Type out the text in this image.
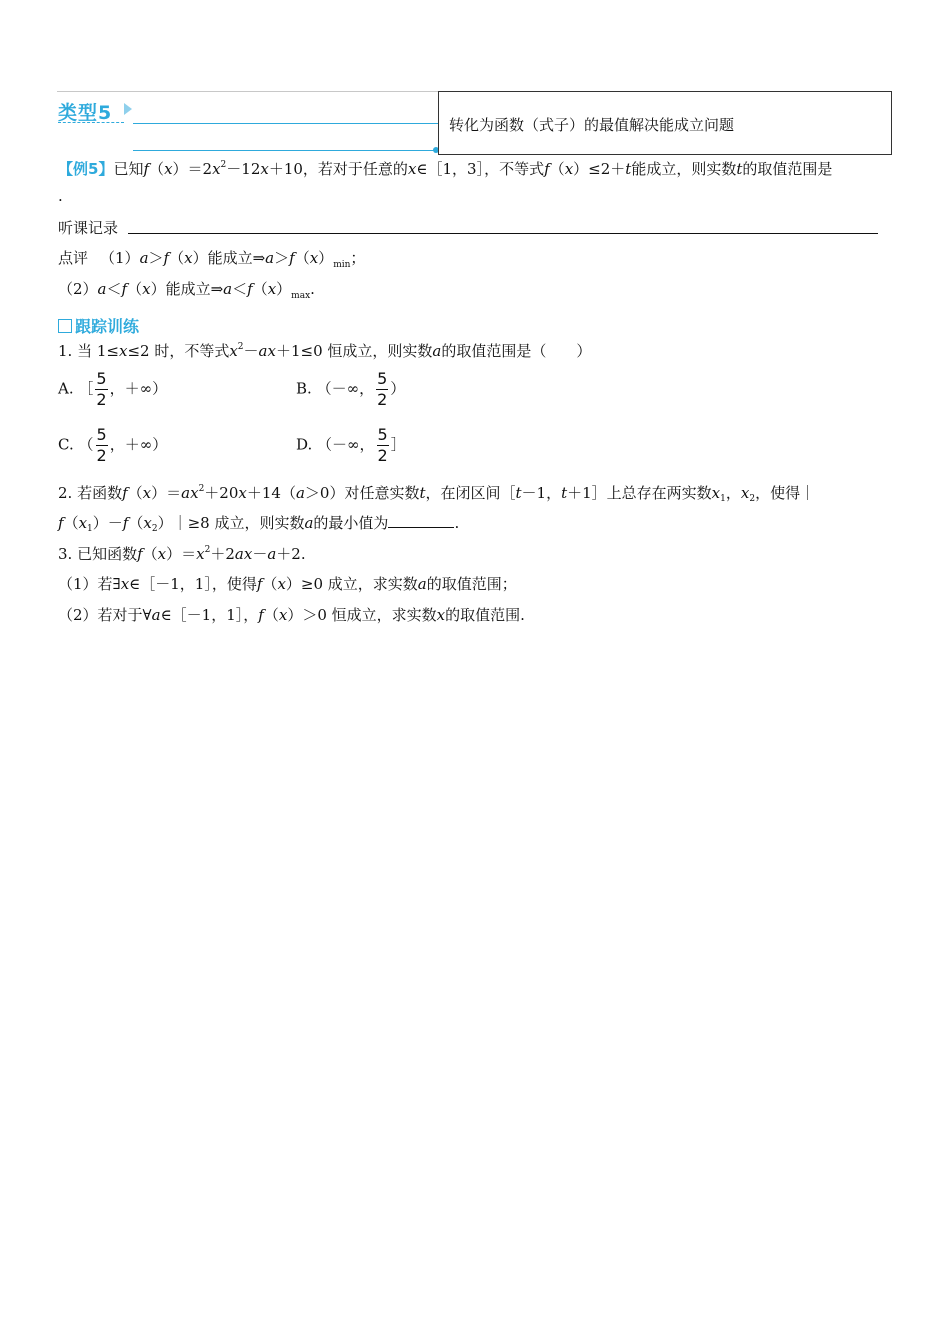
类型5
转化为函数（式子）的最值解决能成立问题
【例5】已知$f(x)=2x^2-12x+10$，若对于任意的x∈［1，3］，不等式f（x）≤2＋t能成立，则实数t的取值范围是
.
听课记录
点评 （1）a＞f（x）能成立$\Rightarrow a>f(x)_{min}$；
（2）a＜f（x）能成立$\Rightarrow a<f(x)_{max}$.
跟踪训练
1. 当 1≤x≤2 时，不等式$x^2-ax+1\le 0$ 恒成立，则实数a的取值范围是（　　）
A. ［ $\frac{5}{2}$ ，＋∞）	B. （－∞， $\frac{5}{2}$ ）
C. （ $\frac{5}{2}$ ，＋∞）	D. （－∞， $\frac{5}{2}$ ］
2. 若函数$f(x)=ax^2+20x+14(a>0)$对任意实数t，在闭区间［t－1，t＋1］上总存在两实数$x_1$，$x_2$，使得｜
$f(x_1)-f(x_2)|\ge 8$ 成立，则实数a的最小值为	.
3. 已知函数$f(x)=x^2+2ax-a+2$.
（1）若∃x∈［－1，1］，使得f（x）≥0 成立，求实数a的取值范围；
（2）若对于∀a∈［－1，1］，f（x）＞0 恒成立，求实数x的取值范围.
